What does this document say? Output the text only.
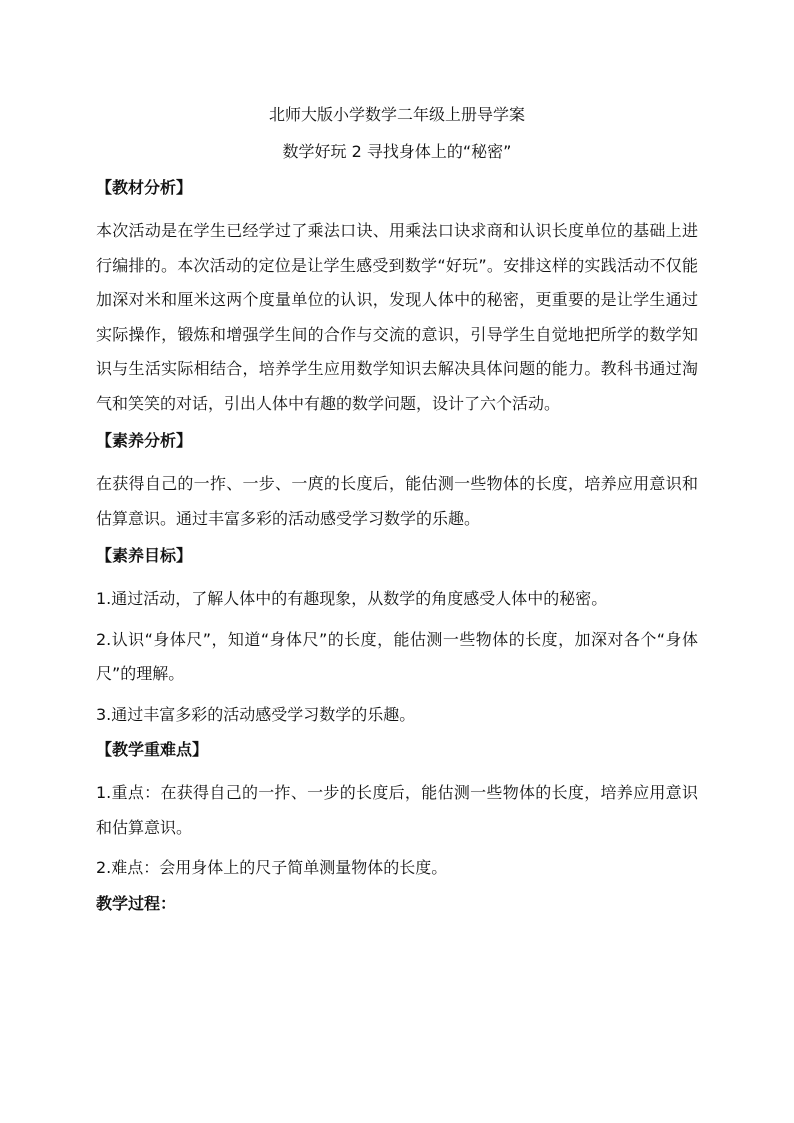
北师大版小学数学二年级上册导学案

数学好玩 2 寻找身体上的“秘密”

【教材分析】

本次活动是在学生已经学过了乘法口诀、用乘法口诀求商和认识长度单位的基础上进行编排的。本次活动的定位是让学生感受到数学“好玩”。安排这样的实践活动不仅能加深对米和厘米这两个度量单位的认识，发现人体中的秘密，更重要的是让学生通过实际操作，锻炼和增强学生间的合作与交流的意识，引导学生自觉地把所学的数学知识与生活实际相结合，培养学生应用数学知识去解决具体问题的能力。教科书通过淘气和笑笑的对话，引出人体中有趣的数学问题，设计了六个活动。

【素养分析】

在获得自己的一拃、一步、一庹的长度后，能估测一些物体的长度，培养应用意识和估算意识。通过丰富多彩的活动感受学习数学的乐趣。

【素养目标】

1.通过活动，了解人体中的有趣现象，从数学的角度感受人体中的秘密。

2.认识“身体尺”，知道“身体尺”的长度，能估测一些物体的长度，加深对各个“身体尺”的理解。

3.通过丰富多彩的活动感受学习数学的乐趣。

【教学重难点】

1.重点：在获得自己的一拃、一步的长度后，能估测一些物体的长度，培养应用意识和估算意识。

2.难点：会用身体上的尺子简单测量物体的长度。

教学过程：
